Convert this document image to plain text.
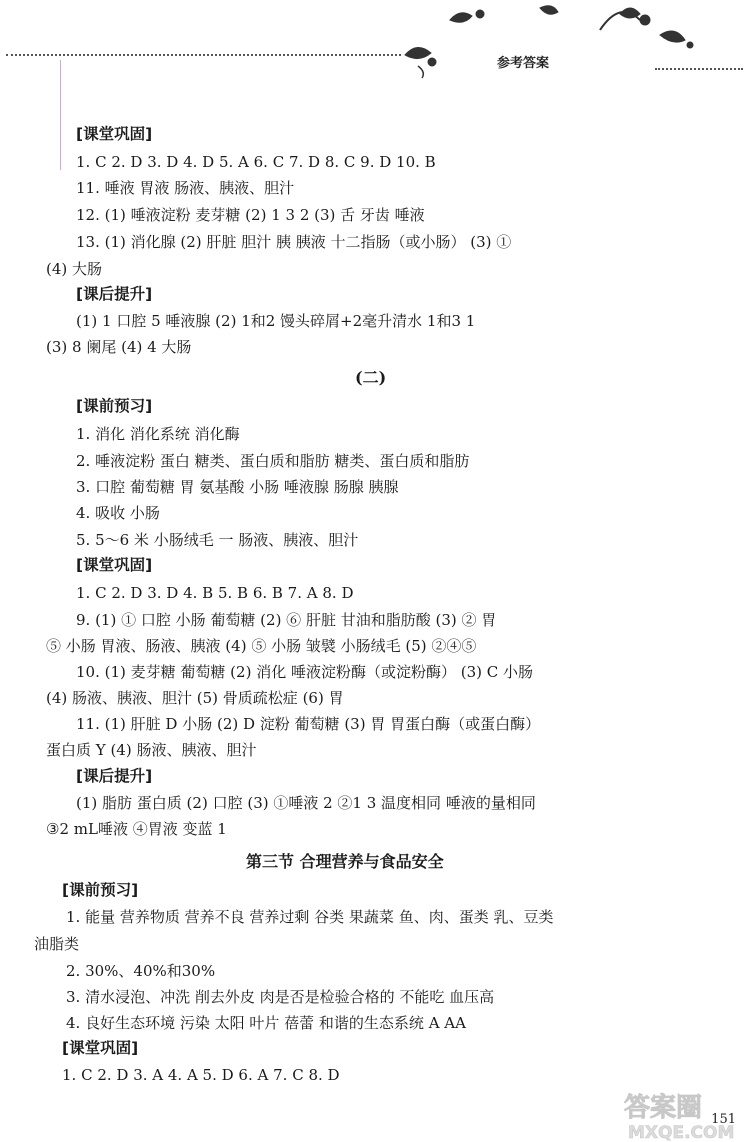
参考答案
[课堂巩固]
1. C 2. D 3. D 4. D 5. A 6. C 7. D 8. C 9. D 10. B
11. 唾液 胃液 肠液、胰液、胆汁
12. (1) 唾液淀粉 麦芽糖 (2) 1 3 2 (3) 舌 牙齿 唾液
13. (1) 消化腺 (2) 肝脏 胆汁 胰 胰液 十二指肠（或小肠） (3) ①
(4) 大肠
[课后提升]
(1) 1 口腔 5 唾液腺 (2) 1和2 馒头碎屑+2毫升清水 1和3 1
(3) 8 阑尾 (4) 4 大肠
(二)
[课前预习]
1. 消化 消化系统 消化酶
2. 唾液淀粉 蛋白 糖类、蛋白质和脂肪 糖类、蛋白质和脂肪
3. 口腔 葡萄糖 胃 氨基酸 小肠 唾液腺 肠腺 胰腺
4. 吸收 小肠
5. 5～6 米 小肠绒毛 一 肠液、胰液、胆汁
[课堂巩固]
1. C 2. D 3. D 4. B 5. B 6. B 7. A 8. D
9. (1) ① 口腔 小肠 葡萄糖 (2) ⑥ 肝脏 甘油和脂肪酸 (3) ② 胃
⑤ 小肠 胃液、肠液、胰液 (4) ⑤ 小肠 皱襞 小肠绒毛 (5) ②④⑤
10. (1) 麦芽糖 葡萄糖 (2) 消化 唾液淀粉酶（或淀粉酶） (3) C 小肠
(4) 肠液、胰液、胆汁 (5) 骨质疏松症 (6) 胃
11. (1) 肝脏 D 小肠 (2) D 淀粉 葡萄糖 (3) 胃 胃蛋白酶（或蛋白酶）
蛋白质 Y (4) 肠液、胰液、胆汁
[课后提升]
(1) 脂肪 蛋白质 (2) 口腔 (3) ①唾液 2 ②1 3 温度相同 唾液的量相同
③2 mL唾液 ④胃液 变蓝 1
第三节 合理营养与食品安全
[课前预习]
1. 能量 营养物质 营养不良 营养过剩 谷类 果蔬菜 鱼、肉、蛋类 乳、豆类
油脂类
2. 30%、40%和30%
3. 清水浸泡、冲洗 削去外皮 肉是否是检验合格的 不能吃 血压高
4. 良好生态环境 污染 太阳 叶片 蓓蕾 和谐的生态系统 A AA
[课堂巩固]
1. C 2. D 3. A 4. A 5. D 6. A 7. C 8. D
答案圈
MXQE.COM
151
